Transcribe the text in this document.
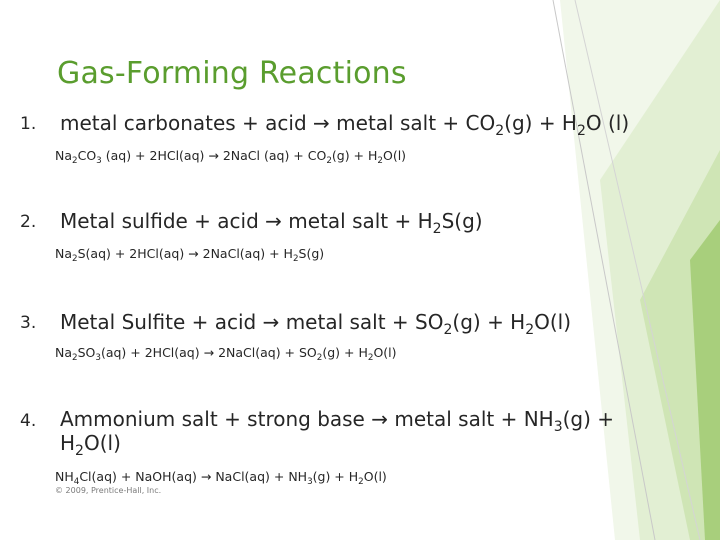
Gas-Forming Reactions
1. metal carbonates + acid → metal salt + $CO_2(g) + H_2O$ (l)
$Na_2CO_3$ (aq) + 2HCl(aq) → 2NaCl $(aq) + CO_2(g) + H_2O(l)$
2. Metal sulfide + acid → metal salt + $H_2S(g)$
$Na_2S(aq) + 2HCl(aq)$ → 2NaCl(aq) + $H_2S(g)$
3. Metal Sulfite + acid → metal salt + $SO_2(g) + H_2O(l)$
$Na_2SO_3(aq) + 2HCl(aq)$ → 2NaCl(aq) + $SO_2(g) + H_2O(l)$
4. Ammonium salt + strong base → metal salt + $NH_3(g) + H_2O(l)$
$NH_4Cl(aq)$ + NaOH(aq) → NaCl(aq) + $NH_3(g) + H_2O(l)$
© 2009, Prentice-Hall, Inc.
